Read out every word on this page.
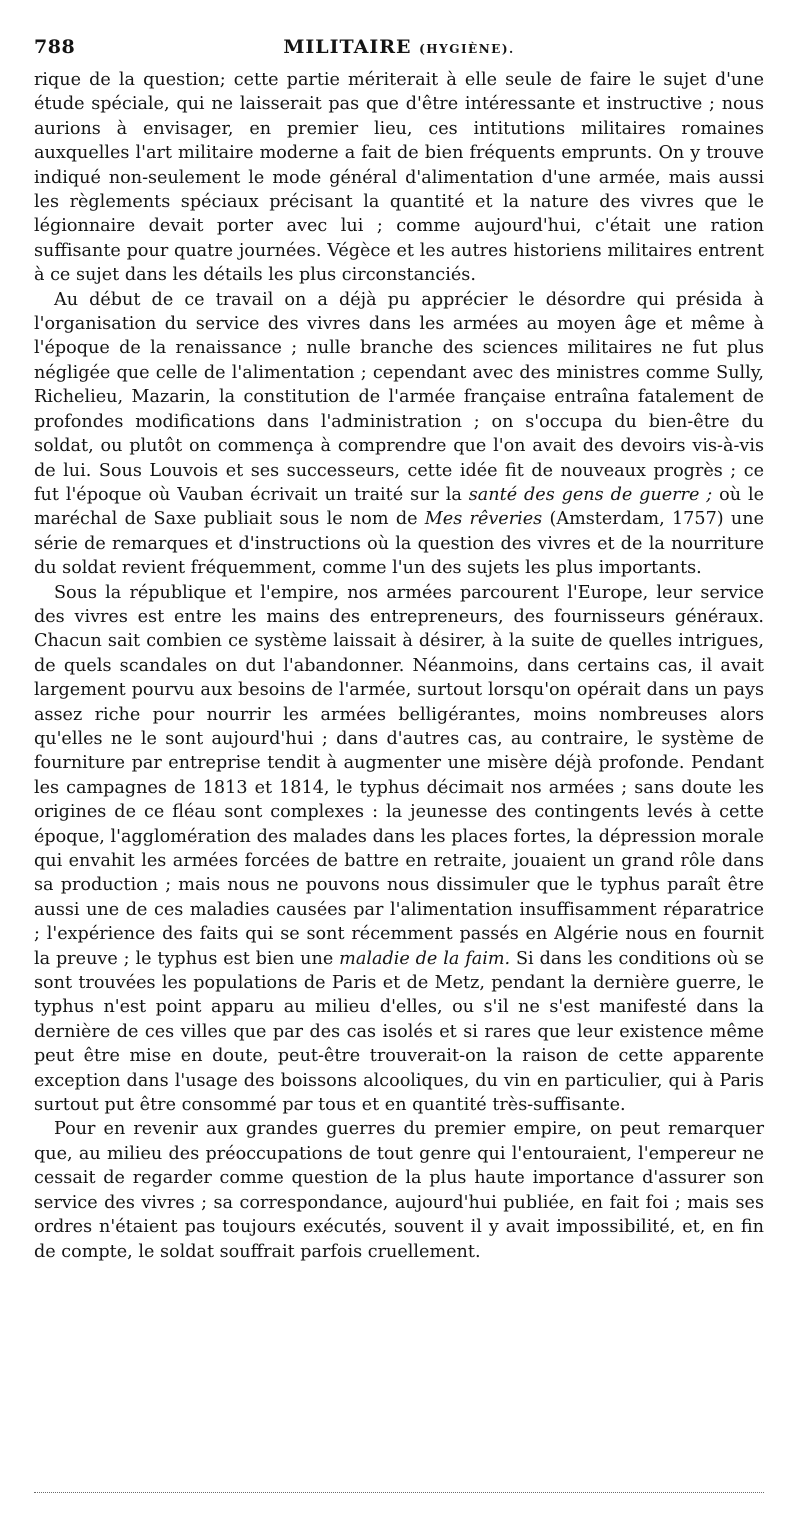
788	MILITAIRE (HYGIÈNE).

rique de la question; cette partie mériterait à elle seule de faire le sujet d'une étude spéciale, qui ne laisserait pas que d'être intéressante et instructive ; nous aurions à envisager, en premier lieu, ces intitutions militaires romaines auxquelles l'art militaire moderne a fait de bien fréquents emprunts. On y trouve indiqué non-seulement le mode général d'alimentation d'une armée, mais aussi les règlements spéciaux précisant la quantité et la nature des vivres que le légionnaire devait porter avec lui ; comme aujourd'hui, c'était une ration suffisante pour quatre journées. Végèce et les autres historiens militaires entrent à ce sujet dans les détails les plus circonstanciés.

Au début de ce travail on a déjà pu apprécier le désordre qui présida à l'organisation du service des vivres dans les armées au moyen âge et même à l'époque de la renaissance ; nulle branche des sciences militaires ne fut plus négligée que celle de l'alimentation ; cependant avec des ministres comme Sully, Richelieu, Mazarin, la constitution de l'armée française entraîna fatalement de profondes modifications dans l'administration ; on s'occupa du bien-être du soldat, ou plutôt on commença à comprendre que l'on avait des devoirs vis-à-vis de lui. Sous Louvois et ses successeurs, cette idée fit de nouveaux progrès ; ce fut l'époque où Vauban écrivait un traité sur la santé des gens de guerre ; où le maréchal de Saxe publiait sous le nom de Mes rêveries (Amsterdam, 1757) une série de remarques et d'instructions où la question des vivres et de la nourriture du soldat revient fréquemment, comme l'un des sujets les plus importants.

Sous la république et l'empire, nos armées parcourent l'Europe, leur service des vivres est entre les mains des entrepreneurs, des fournisseurs généraux. Chacun sait combien ce système laissait à désirer, à la suite de quelles intrigues, de quels scandales on dut l'abandonner. Néanmoins, dans certains cas, il avait largement pourvu aux besoins de l'armée, surtout lorsqu'on opérait dans un pays assez riche pour nourrir les armées belligérantes, moins nombreuses alors qu'elles ne le sont aujourd'hui ; dans d'autres cas, au contraire, le système de fourniture par entreprise tendit à augmenter une misère déjà profonde. Pendant les campagnes de 1813 et 1814, le typhus décimait nos armées ; sans doute les origines de ce fléau sont complexes : la jeunesse des contingents levés à cette époque, l'agglomération des malades dans les places fortes, la dépression morale qui envahit les armées forcées de battre en retraite, jouaient un grand rôle dans sa production ; mais nous ne pouvons nous dissimuler que le typhus paraît être aussi une de ces maladies causées par l'alimentation insuffisamment réparatrice ; l'expérience des faits qui se sont récemment passés en Algérie nous en fournit la preuve ; le typhus est bien une maladie de la faim. Si dans les conditions où se sont trouvées les populations de Paris et de Metz, pendant la dernière guerre, le typhus n'est point apparu au milieu d'elles, ou s'il ne s'est manifesté dans la dernière de ces villes que par des cas isolés et si rares que leur existence même peut être mise en doute, peut-être trouverait-on la raison de cette apparente exception dans l'usage des boissons alcooliques, du vin en particulier, qui à Paris surtout put être consommé par tous et en quantité très-suffisante.

Pour en revenir aux grandes guerres du premier empire, on peut remarquer que, au milieu des préoccupations de tout genre qui l'entouraient, l'empereur ne cessait de regarder comme question de la plus haute importance d'assurer son service des vivres ; sa correspondance, aujourd'hui publiée, en fait foi ; mais ses ordres n'étaient pas toujours exécutés, souvent il y avait impossibilité, et, en fin de compte, le soldat souffrait parfois cruellement.
